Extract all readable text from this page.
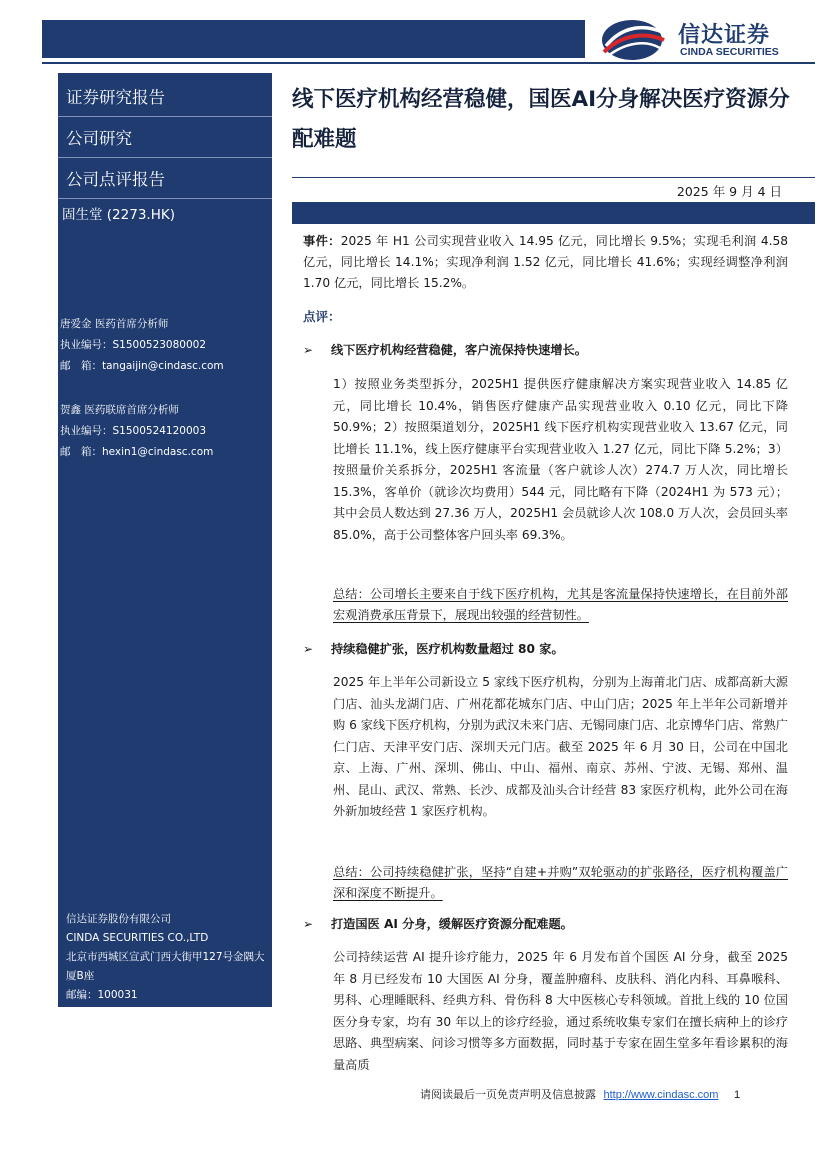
信达证券
CINDA SECURITIES
证券研究报告
公司研究
公司点评报告
固生堂 (2273.HK)
唐爱金 医药首席分析师
执业编号：S1500523080002
邮　箱：tangaijin@cindasc.com
贺鑫 医药联席首席分析师
执业编号：S1500524120003
邮　箱：hexin1@cindasc.com
信达证券股份有限公司
CINDA SECURITIES CO.,LTD
北京市西城区宣武门西大街甲127号金隅大厦B座
邮编：100031
线下医疗机构经营稳健，国医AI分身解决医疗资源分配难题
2025 年 9 月 4 日
事件：2025 年 H1 公司实现营业收入 14.95 亿元，同比增长 9.5%；实现毛利润 4.58 亿元，同比增长 14.1%；实现净利润 1.52 亿元，同比增长 41.6%；实现经调整净利润 1.70 亿元，同比增长 15.2%。
点评：
➢ 线下医疗机构经营稳健，客户流保持快速增长。
1）按照业务类型拆分，2025H1 提供医疗健康解决方案实现营业收入 14.85 亿元，同比增长 10.4%，销售医疗健康产品实现营业收入 0.10 亿元，同比下降 50.9%；2）按照渠道划分，2025H1 线下医疗机构实现营业收入 13.67 亿元，同比增长 11.1%，线上医疗健康平台实现营业收入 1.27 亿元，同比下降 5.2%；3）按照量价关系拆分，2025H1 客流量（客户就诊人次）274.7 万人次，同比增长 15.3%，客单价（就诊次均费用）544 元，同比略有下降（2024H1 为 573 元）；其中会员人数达到 27.36 万人，2025H1 会员就诊人次 108.0 万人次，会员回头率 85.0%，高于公司整体客户回头率 69.3%。
总结：公司增长主要来自于线下医疗机构，尤其是客流量保持快速增长，在目前外部宏观消费承压背景下，展现出较强的经营韧性。
➢ 持续稳健扩张，医疗机构数量超过 80 家。
2025 年上半年公司新设立 5 家线下医疗机构，分别为上海莆北门店、成都高新大源门店、汕头龙湖门店、广州花都花城东门店、中山门店；2025 年上半年公司新增并购 6 家线下医疗机构，分别为武汉未来门店、无锡同康门店、北京博华门店、常熟广仁门店、天津平安门店、深圳天元门店。截至 2025 年 6 月 30 日，公司在中国北京、上海、广州、深圳、佛山、中山、福州、南京、苏州、宁波、无锡、郑州、温州、昆山、武汉、常熟、长沙、成都及汕头合计经营 83 家医疗机构，此外公司在海外新加坡经营 1 家医疗机构。
总结：公司持续稳健扩张，坚持“自建+并购”双轮驱动的扩张路径，医疗机构覆盖广深和深度不断提升。
➢ 打造国医 AI 分身，缓解医疗资源分配难题。
公司持续运营 AI 提升诊疗能力，2025 年 6 月发布首个国医 AI 分身，截至 2025 年 8 月已经发布 10 大国医 AI 分身，覆盖肿瘤科、皮肤科、消化内科、耳鼻喉科、男科、心理睡眠科、经典方科、骨伤科 8 大中医核心专科领域。首批上线的 10 位国医分身专家，均有 30 年以上的诊疗经验，通过系统收集专家们在擅长病种上的诊疗思路、典型病案、问诊习惯等多方面数据，同时基于专家在固生堂多年看诊累积的海量高质
请阅读最后一页免责声明及信息披露 http://www.cindasc.com 1
